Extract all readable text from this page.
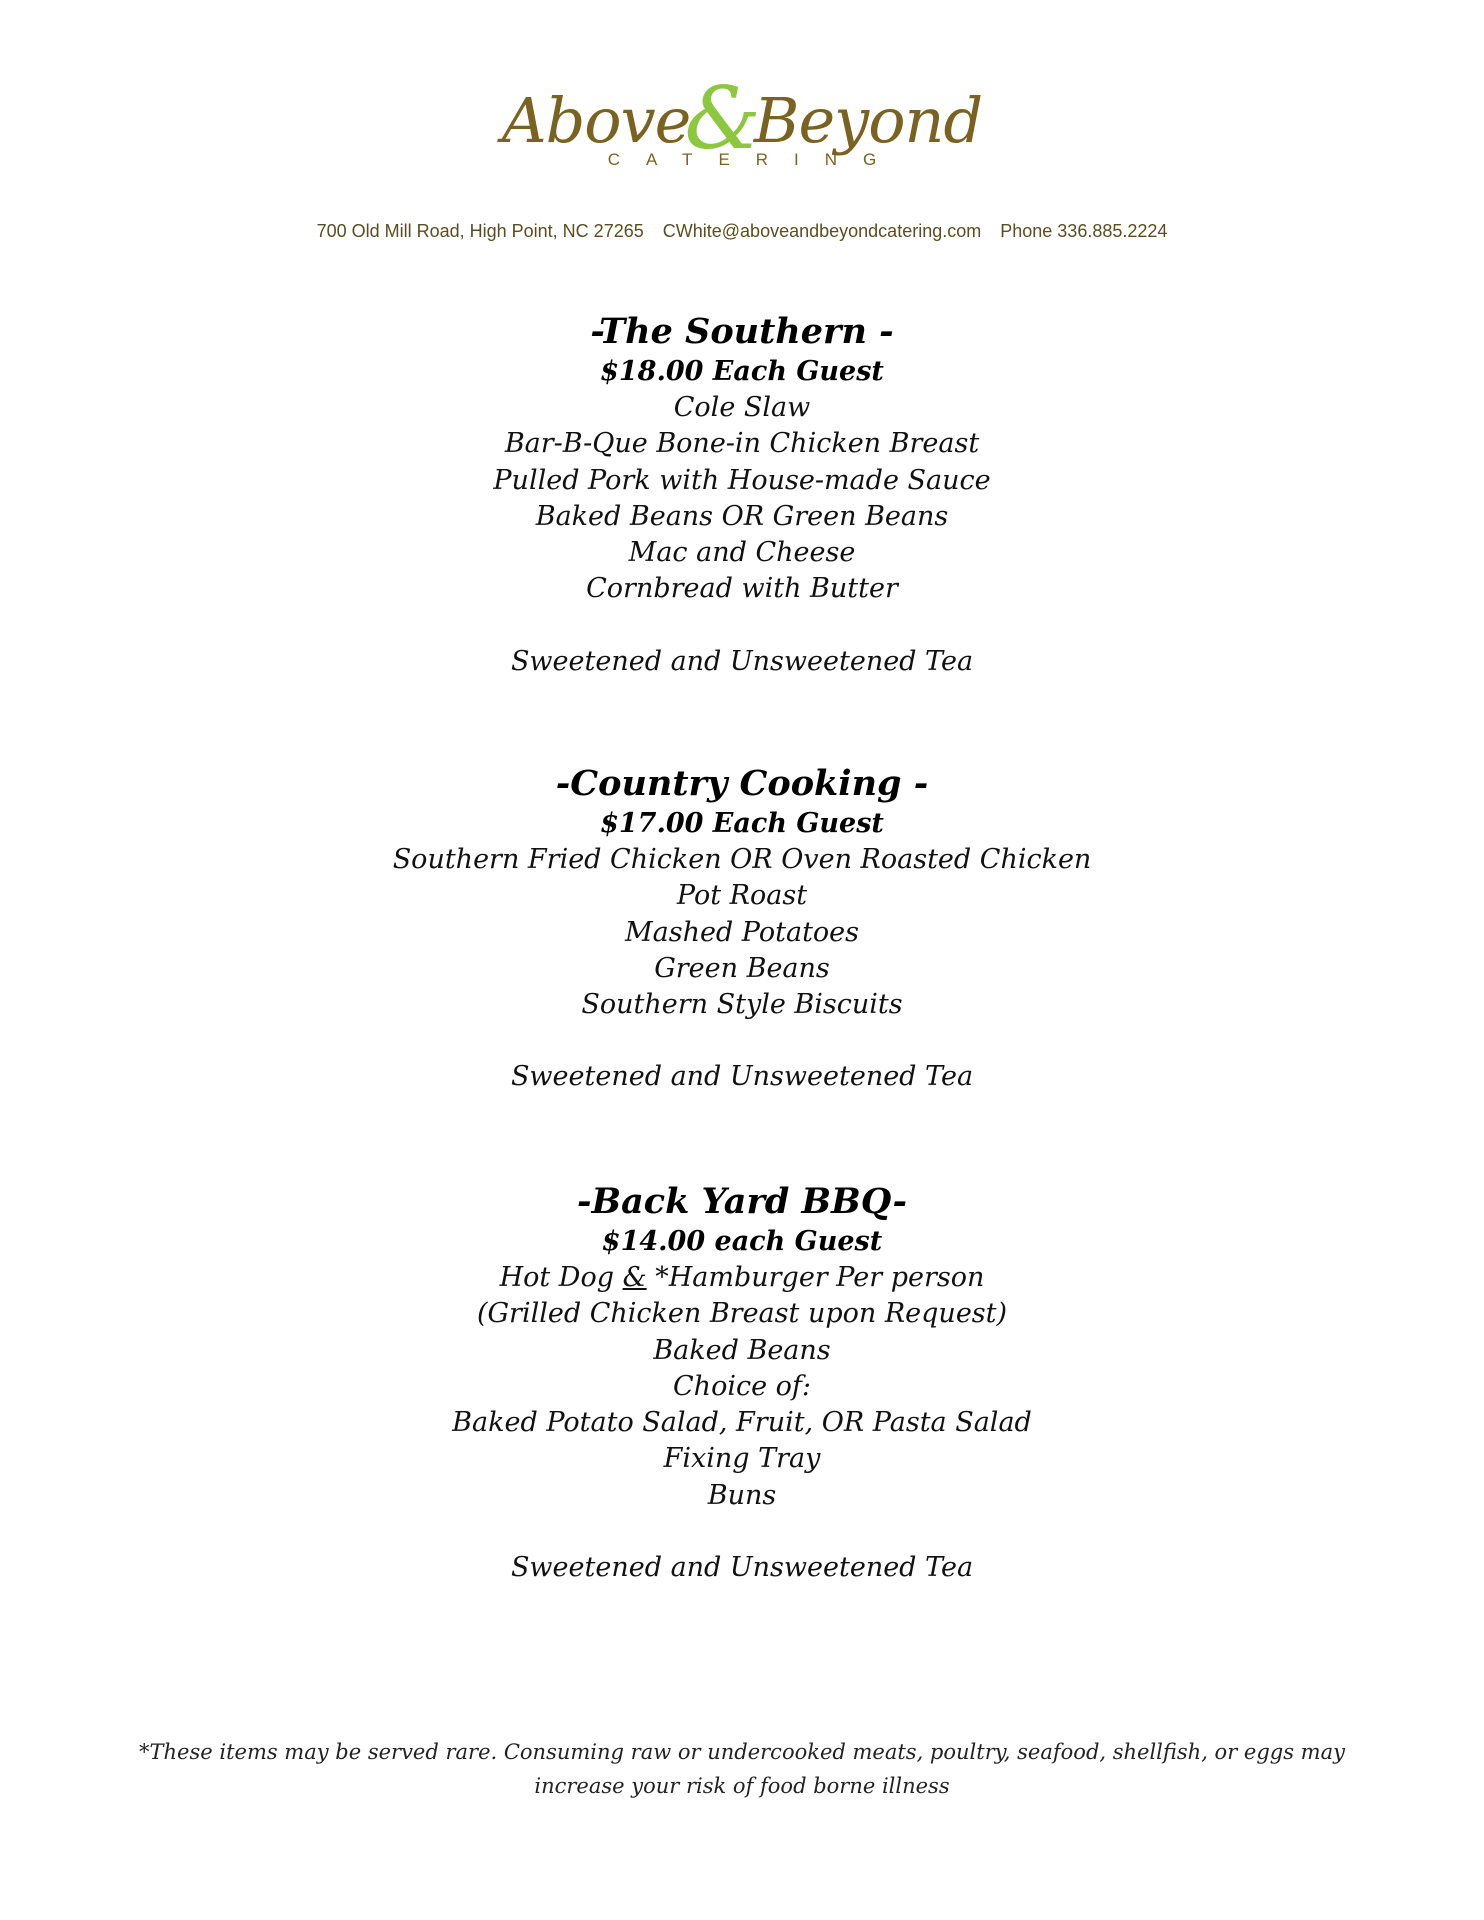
Above&Beyond
CATERING
700 Old Mill Road, High Point, NC 27265 CWhite@aboveandbeyondcatering.com Phone 336.885.2224
-The Southern -
$18.00 Each Guest
Cole Slaw
Bar-B-Que Bone-in Chicken Breast
Pulled Pork with House-made Sauce
Baked Beans OR Green Beans
Mac and Cheese
Cornbread with Butter
Sweetened and Unsweetened Tea
-Country Cooking -
$17.00 Each Guest
Southern Fried Chicken OR Oven Roasted Chicken
Pot Roast
Mashed Potatoes
Green Beans
Southern Style Biscuits
Sweetened and Unsweetened Tea
-Back Yard BBQ-
$14.00 each Guest
Hot Dog & *Hamburger Per person
(Grilled Chicken Breast upon Request)
Baked Beans
Choice of:
Baked Potato Salad, Fruit, OR Pasta Salad
Fixing Tray
Buns
Sweetened and Unsweetened Tea
*These items may be served rare. Consuming raw or undercooked meats, poultry, seafood, shellfish, or eggs may
increase your risk of food borne illness
